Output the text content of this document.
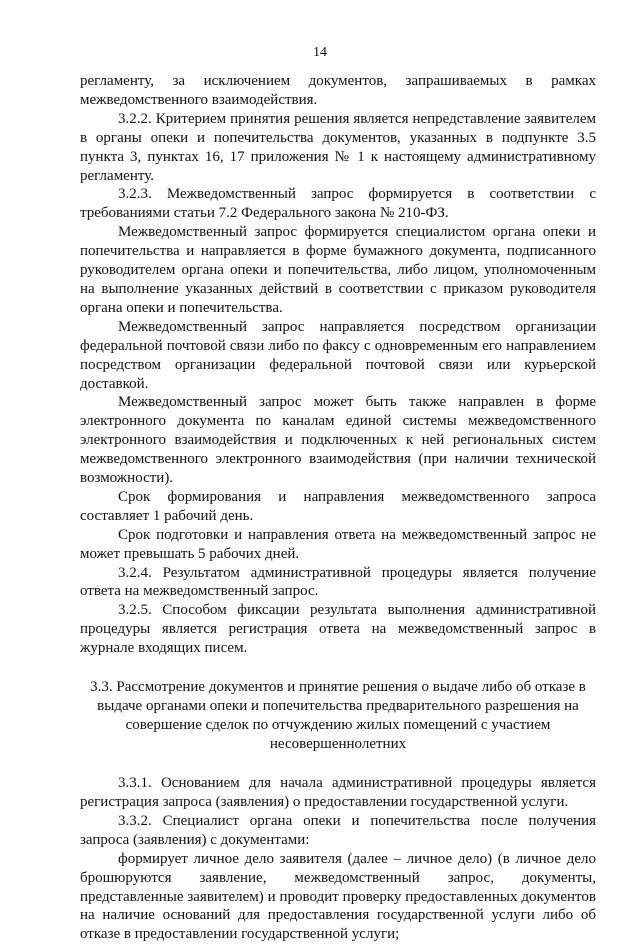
14

регламенту, за исключением документов, запрашиваемых в рамках межведомственного взаимодействия.

3.2.2. Критерием принятия решения является непредставление заявителем в органы опеки и попечительства документов, указанных в подпункте 3.5 пункта 3, пунктах 16, 17 приложения № 1 к настоящему административному регламенту.

3.2.3. Межведомственный запрос формируется в соответствии с требованиями статьи 7.2 Федерального закона № 210-ФЗ.

Межведомственный запрос формируется специалистом органа опеки и попечительства и направляется в форме бумажного документа, подписанного руководителем органа опеки и попечительства, либо лицом, уполномоченным на выполнение указанных действий в соответствии с приказом руководителя органа опеки и попечительства.

Межведомственный запрос направляется посредством организации федеральной почтовой связи либо по факсу с одновременным его направлением посредством организации федеральной почтовой связи или курьерской доставкой.

Межведомственный запрос может быть также направлен в форме электронного документа по каналам единой системы межведомственного электронного взаимодействия и подключенных к ней региональных систем межведомственного электронного взаимодействия (при наличии технической возможности).

Срок формирования и направления межведомственного запроса составляет 1 рабочий день.

Срок подготовки и направления ответа на межведомственный запрос не может превышать 5 рабочих дней.

3.2.4. Результатом административной процедуры является получение ответа на межведомственный запрос.

3.2.5. Способом фиксации результата выполнения административной процедуры является регистрация ответа на межведомственный запрос в журнале входящих писем.

3.3. Рассмотрение документов и принятие решения о выдаче либо об отказе в выдаче органами опеки и попечительства предварительного разрешения на совершение сделок по отчуждению жилых помещений с участием несовершеннолетних

3.3.1. Основанием для начала административной процедуры является регистрация запроса (заявления) о предоставлении государственной услуги.

3.3.2. Специалист органа опеки и попечительства после получения запроса (заявления) с документами:

формирует личное дело заявителя (далее – личное дело) (в личное дело брошюруются заявление, межведомственный запрос, документы, представленные заявителем) и проводит проверку предоставленных документов на наличие оснований для предоставления государственной услуги либо об отказе в предоставлении государственной услуги;
